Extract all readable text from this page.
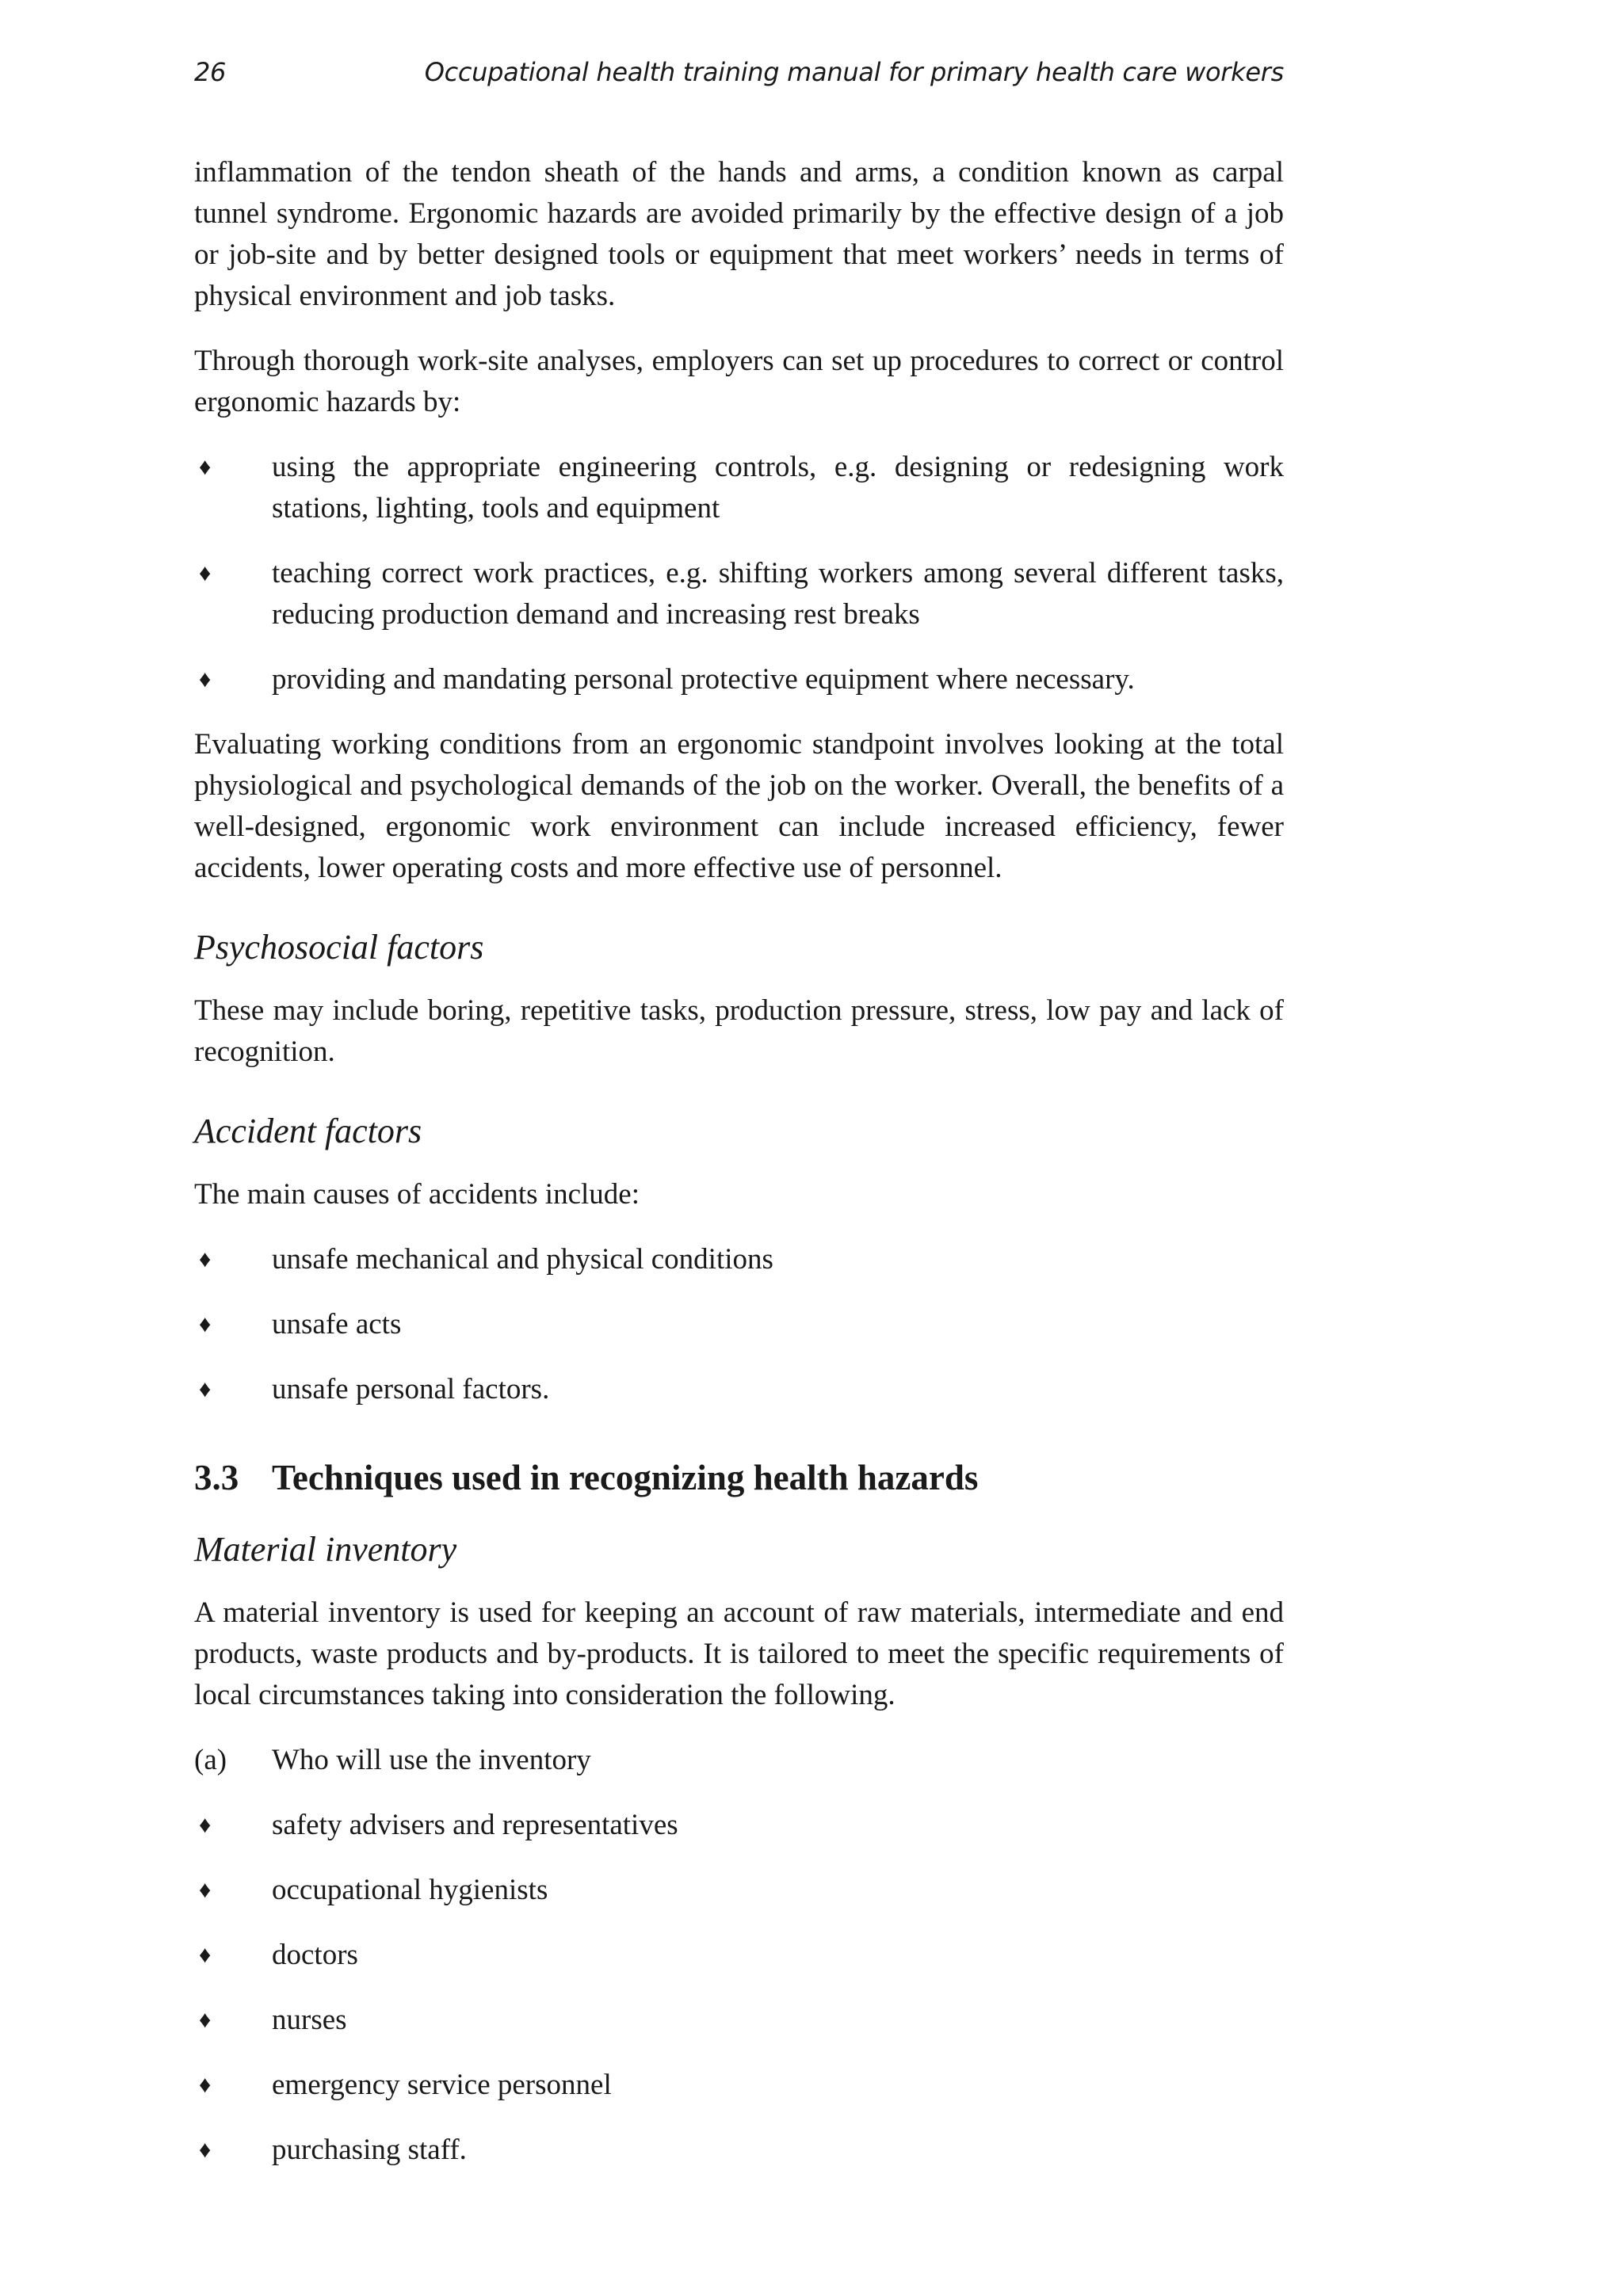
26	Occupational health training manual for primary health care workers

inflammation of the tendon sheath of the hands and arms, a condition known as carpal tunnel syndrome. Ergonomic hazards are avoided primarily by the effective design of a job or job-site and by better designed tools or equipment that meet workers’ needs in terms of physical environment and job tasks.

Through thorough work-site analyses, employers can set up procedures to correct or control ergonomic hazards by:

♦ using the appropriate engineering controls, e.g. designing or redesigning work stations, lighting, tools and equipment
♦ teaching correct work practices, e.g. shifting workers among several different tasks, reducing production demand and increasing rest breaks
♦ providing and mandating personal protective equipment where necessary.

Evaluating working conditions from an ergonomic standpoint involves looking at the total physiological and psychological demands of the job on the worker. Overall, the benefits of a well-designed, ergonomic work environment can include increased efficiency, fewer accidents, lower operating costs and more effective use of personnel.

Psychosocial factors

These may include boring, repetitive tasks, production pressure, stress, low pay and lack of recognition.

Accident factors

The main causes of accidents include:

♦ unsafe mechanical and physical conditions
♦ unsafe acts
♦ unsafe personal factors.
3.3 Techniques used in recognizing health hazards
Material inventory

A material inventory is used for keeping an account of raw materials, intermediate and end products, waste products and by-products. It is tailored to meet the specific requirements of local circumstances taking into consideration the following.

(a) Who will use the inventory
♦ safety advisers and representatives
♦ occupational hygienists
♦ doctors
♦ nurses
♦ emergency service personnel
♦ purchasing staff.
